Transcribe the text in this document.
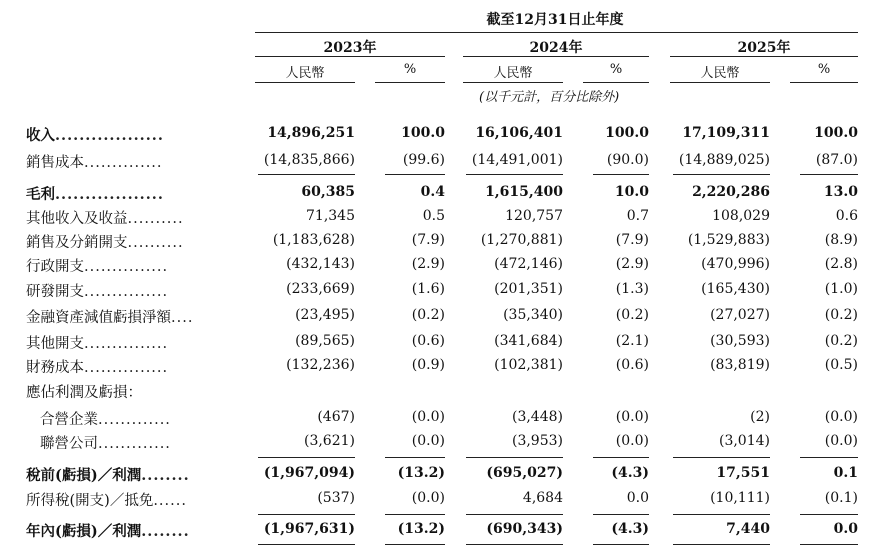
截至12月31日止年度
2023年	2024年	2025年
人民幣	%	人民幣	%	人民幣	%
(以千元計，百分比除外)
收入..................	14,896,251	100.0 16,106,401	100.0 17,109,311	100.0
銷售成本..............	(14,835,866)	(99.6) (14,491,001)	(90.0) (14,889,025)	(87.0)
毛利..................	60,385	0.4	1,615,400	10.0	2,220,286	13.0
其他收入及收益..........	71,345	0.5	120,757	0.7	108,029	0.6
銷售及分銷開支..........	(1,183,628)	(7.9)	(1,270,881)	(7.9)	(1,529,883)	(8.9)
行政開支...............	(432,143)	(2.9)	(472,146)	(2.9)	(470,996)	(2.8)
研發開支...............	(233,669)	(1.6)	(201,351)	(1.3)	(165,430)	(1.0)
金融資產減值虧損淨額....	(23,495)	(0.2)	(35,340)	(0.2)	(27,027)	(0.2)
其他開支...............	(89,565)	(0.6)	(341,684)	(2.1)	(30,593)	(0.2)
財務成本...............	(132,236)	(0.9)	(102,381)	(0.6)	(83,819)	(0.5)
應佔利潤及虧損：
合營企業.............	(467)	(0.0)	(3,448)	(0.0)	(2)	(0.0)
聯營公司.............	(3,621)	(0.0)	(3,953)	(0.0)	(3,014)	(0.0)
稅前(虧損)／利潤........	(1,967,094)	(13.2)	(695,027)	(4.3)	17,551	0.1
所得稅(開支)／抵免......	(537)	(0.0)	4,684	0.0	(10,111)	(0.1)
年內(虧損)／利潤........	(1,967,631)	(13.2)	(690,343)	(4.3)	7,440	0.0
